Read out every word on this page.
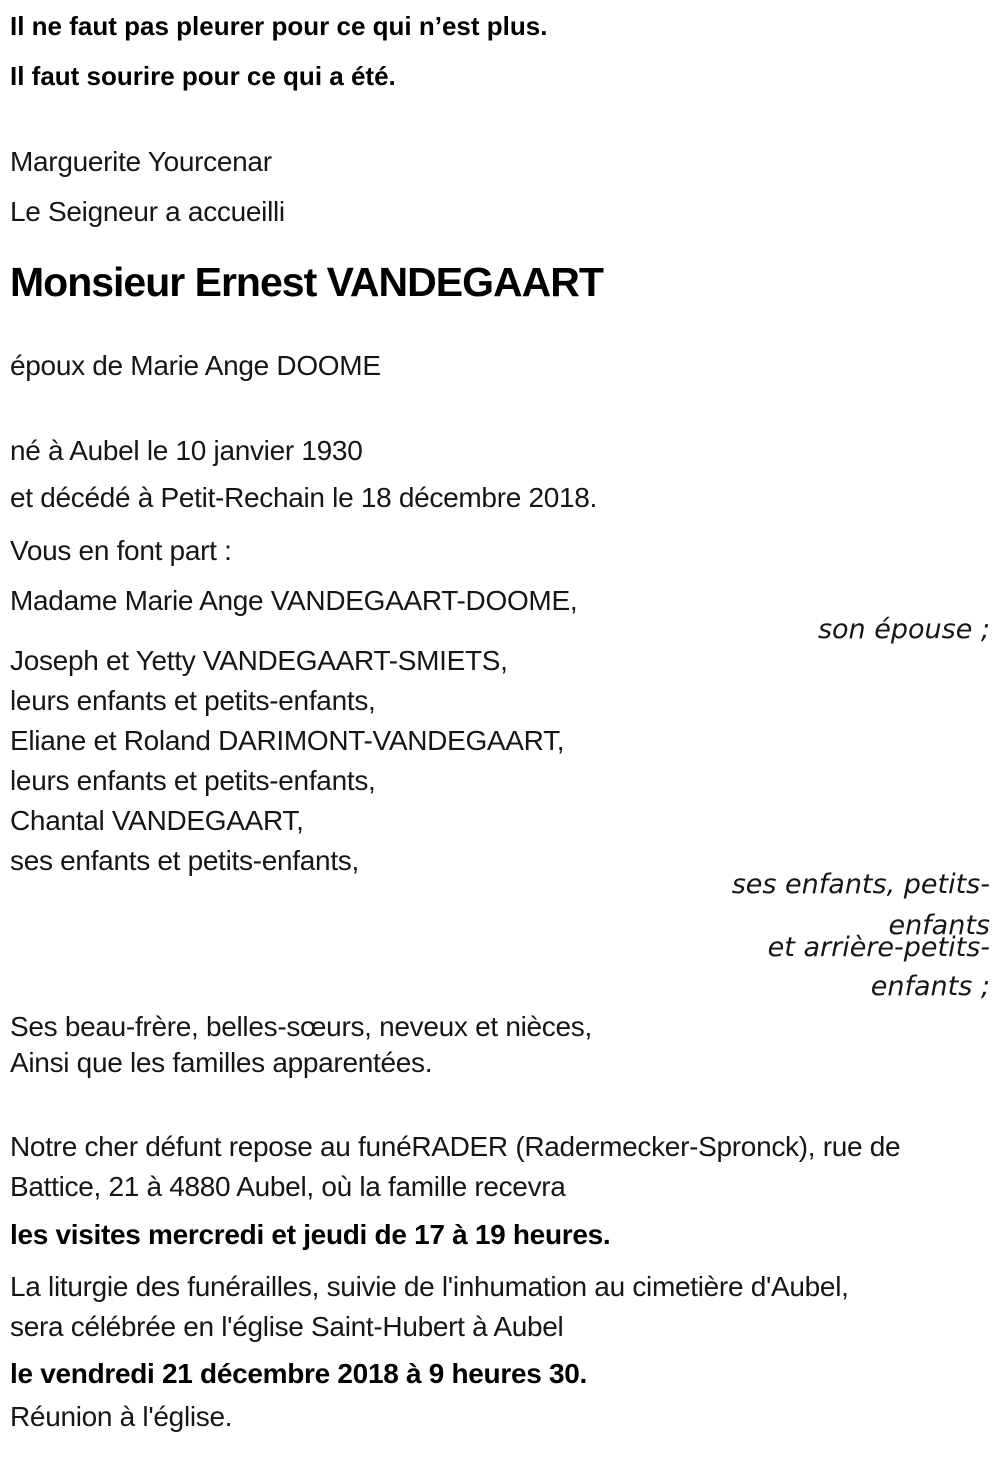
Il ne faut pas pleurer pour ce qui n’est plus.
Il faut sourire pour ce qui a été.
Marguerite Yourcenar
Le Seigneur a accueilli
Monsieur Ernest VANDEGAART
époux de Marie Ange DOOME
né à Aubel le 10 janvier 1930
et décédé à Petit-Rechain le 18 décembre 2018.
Vous en font part :
Madame Marie Ange VANDEGAART-DOOME,
son épouse ;
Joseph et Yetty VANDEGAART-SMIETS,
leurs enfants et petits-enfants,
Eliane et Roland DARIMONT-VANDEGAART,
leurs enfants et petits-enfants,
Chantal VANDEGAART,
ses enfants et petits-enfants,
ses enfants, petits-
enfants
et arrière-petits-
enfants ;
Ses beau-frère, belles-sœurs, neveux et nièces,
Ainsi que les familles apparentées.
Notre cher défunt repose au funéRADER (Radermecker-Spronck), rue de
Battice, 21 à 4880 Aubel, où la famille recevra
les visites mercredi et jeudi de 17 à 19 heures.
La liturgie des funérailles, suivie de l'inhumation au cimetière d'Aubel,
sera célébrée en l'église Saint-Hubert à Aubel
le vendredi 21 décembre 2018 à 9 heures 30.
Réunion à l'église.
